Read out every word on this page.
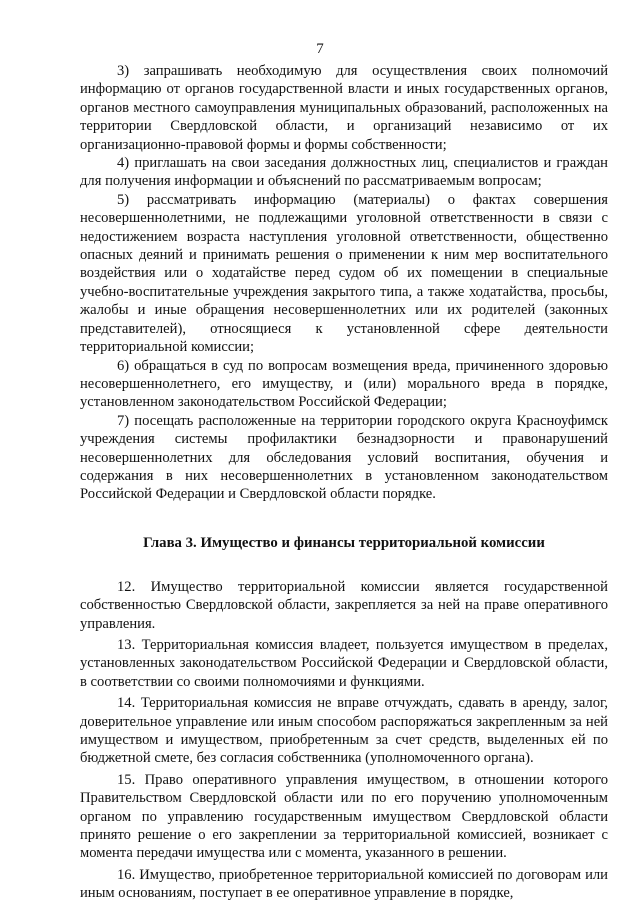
7

3) запрашивать необходимую для осуществления своих полномочий информацию от органов государственной власти и иных государственных органов, органов местного самоуправления муниципальных образований, расположенных на территории Свердловской области, и организаций независимо от их организационно-правовой формы и формы собственности;

4) приглашать на свои заседания должностных лиц, специалистов и граждан для получения информации и объяснений по рассматриваемым вопросам;

5) рассматривать информацию (материалы) о фактах совершения несовершеннолетними, не подлежащими уголовной ответственности в связи с недостижением возраста наступления уголовной ответственности, общественно опасных деяний и принимать решения о применении к ним мер воспитательного воздействия или о ходатайстве перед судом об их помещении в специальные учебно-воспитательные учреждения закрытого типа, а также ходатайства, просьбы, жалобы и иные обращения несовершеннолетних или их родителей (законных представителей), относящиеся к установленной сфере деятельности территориальной комиссии;

6) обращаться в суд по вопросам возмещения вреда, причиненного здоровью несовершеннолетнего, его имуществу, и (или) морального вреда в порядке, установленном законодательством Российской Федерации;

7) посещать расположенные на территории городского округа Красноуфимск учреждения системы профилактики безнадзорности и правонарушений несовершеннолетних для обследования условий воспитания, обучения и содержания в них несовершеннолетних в установленном законодательством Российской Федерации и Свердловской области порядке.

Глава 3. Имущество и финансы территориальной комиссии

12. Имущество территориальной комиссии является государственной собственностью Свердловской области, закрепляется за ней на праве оперативного управления.

13. Территориальная комиссия владеет, пользуется имуществом в пределах, установленных законодательством Российской Федерации и Свердловской области, в соответствии со своими полномочиями и функциями.

14. Территориальная комиссия не вправе отчуждать, сдавать в аренду, залог, доверительное управление или иным способом распоряжаться закрепленным за ней имуществом и имуществом, приобретенным за счет средств, выделенных ей по бюджетной смете, без согласия собственника (уполномоченного органа).

15. Право оперативного управления имуществом, в отношении которого Правительством Свердловской области или по его поручению уполномоченным органом по управлению государственным имуществом Свердловской области принято решение о его закреплении за территориальной комиссией, возникает с момента передачи имущества или с момента, указанного в решении.

16. Имущество, приобретенное территориальной комиссией по договорам или иным основаниям, поступает в ее оперативное управление в порядке,
